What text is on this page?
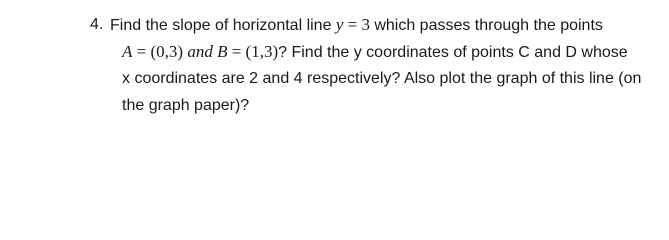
4. Find the slope of horizontal line y = 3 which passes through the points
A = (0,3) and B = (1,3)? Find the y coordinates of points C and D whose
x coordinates are 2 and 4 respectively? Also plot the graph of this line (on
the graph paper)?
